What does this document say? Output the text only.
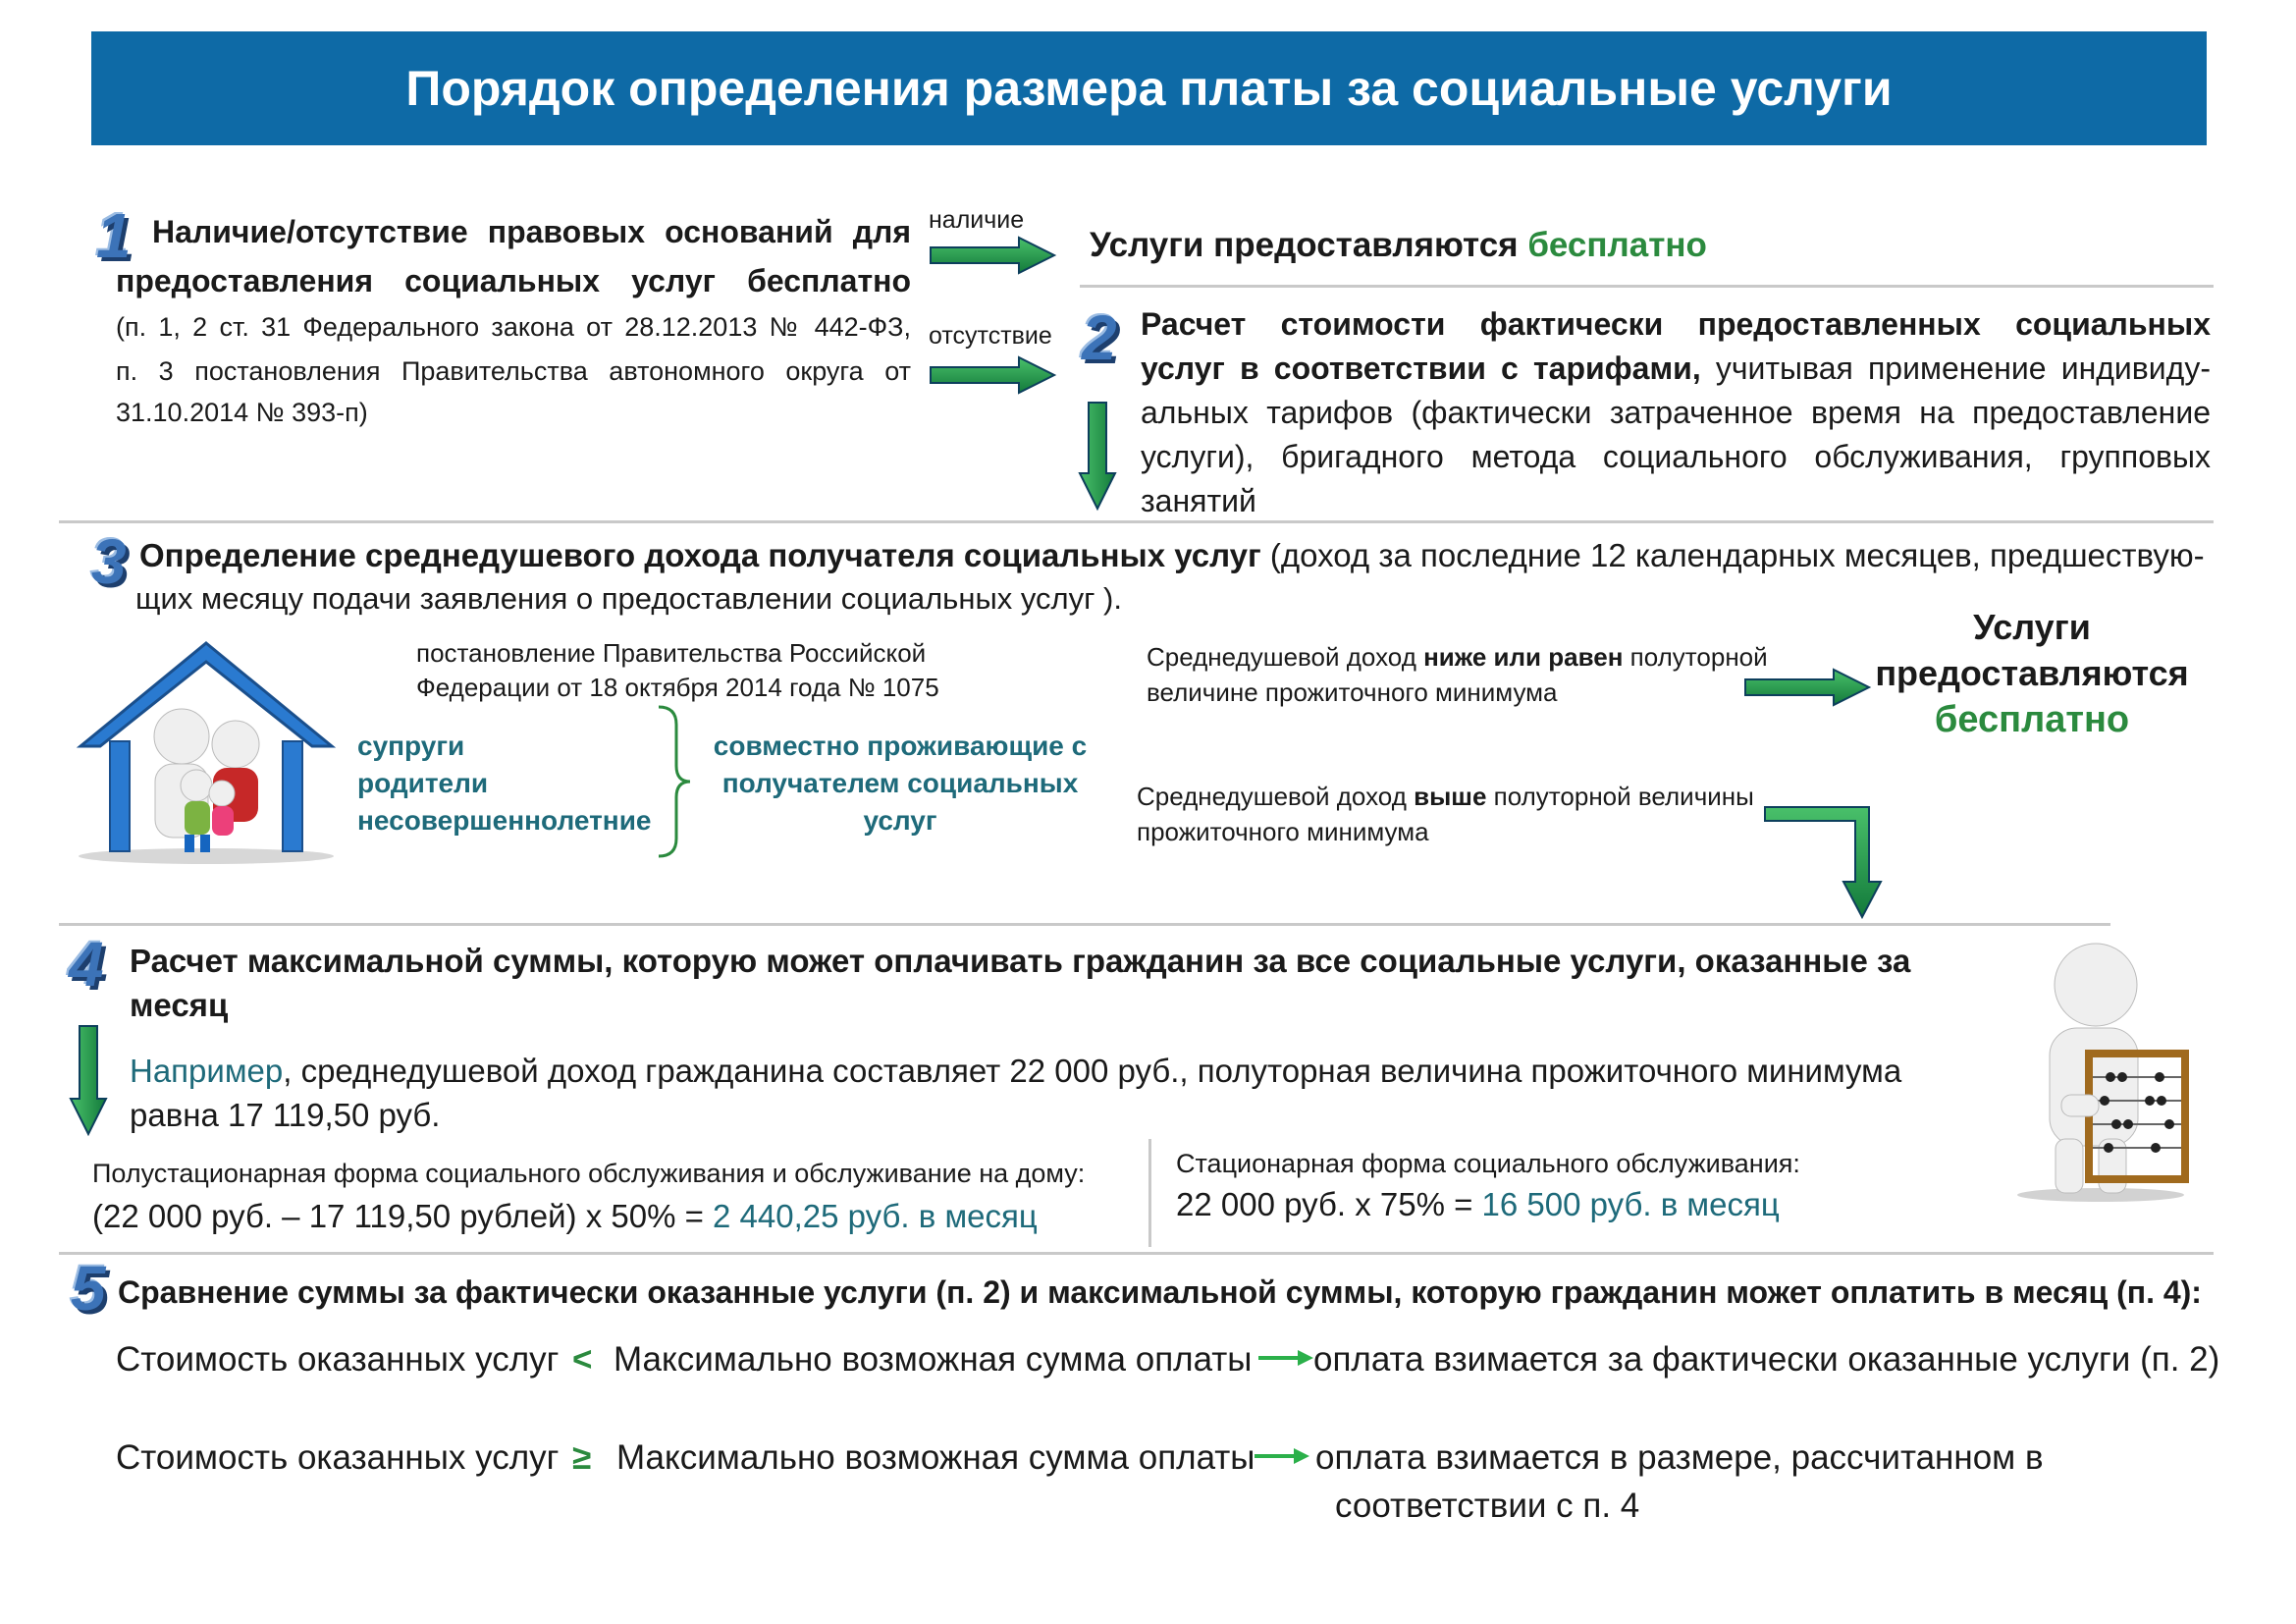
Порядок определения размера платы за социальные услуги
1 Наличие/отсутствие правовых оснований для
предоставления социальных услуг бесплатно
(п. 1, 2 ст. 31 Федерального закона от 28.12.2013 № 442-ФЗ,
п. 3 постановления Правительства автономного округа от
31.10.2014 № 393-п)
наличие
Услуги предоставляются бесплатно
отсутствие 2 Расчет стоимости фактически предоставленных социальных
услуг в соответствии с тарифами, учитывая применение индивиду-
альных тарифов (фактически затраченное время на предоставление
услуги), бригадного метода социального обслуживания, групповых
занятий
3 Определение среднедушевого дохода получателя социальных услуг (доход за последние 12 календарных месяцев, предшествую-
щих месяцу подачи заявления о предоставлении социальных услуг ).
постановление Правительства Российской
Федерации от 18 октября 2014 года № 1075
супруги
родители
несовершеннолетние
совместно проживающие с
получателем социальных
услуг
Среднедушевой доход ниже или равен полуторной
величине прожиточного минимума
Услуги
предоставляются
бесплатно
Среднедушевой доход выше полуторной величины
прожиточного минимума
4 Расчет максимальной суммы, которую может оплачивать гражданин за все социальные услуги, оказанные за
месяц
Например, среднедушевой доход гражданина составляет 22 000 руб., полуторная величина прожиточного минимума
равна 17 119,50 руб.
Полустационарная форма социального обслуживания и обслуживание на дому:
(22 000 руб. – 17 119,50 рублей) х 50% = 2 440,25 руб. в месяц
Стационарная форма социального обслуживания:
22 000 руб. х 75% = 16 500 руб. в месяц
5 Сравнение суммы за фактически оказанные услуги (п. 2) и максимальной суммы, которую гражданин может оплатить в месяц (п. 4):
Стоимость оказанных услуг < Максимально возможная сумма оплаты оплата взимается за фактически оказанные услуги (п. 2)
Стоимость оказанных услуг ≥ Максимально возможная сумма оплаты оплата взимается в размере, рассчитанном в
соответствии с п. 4
